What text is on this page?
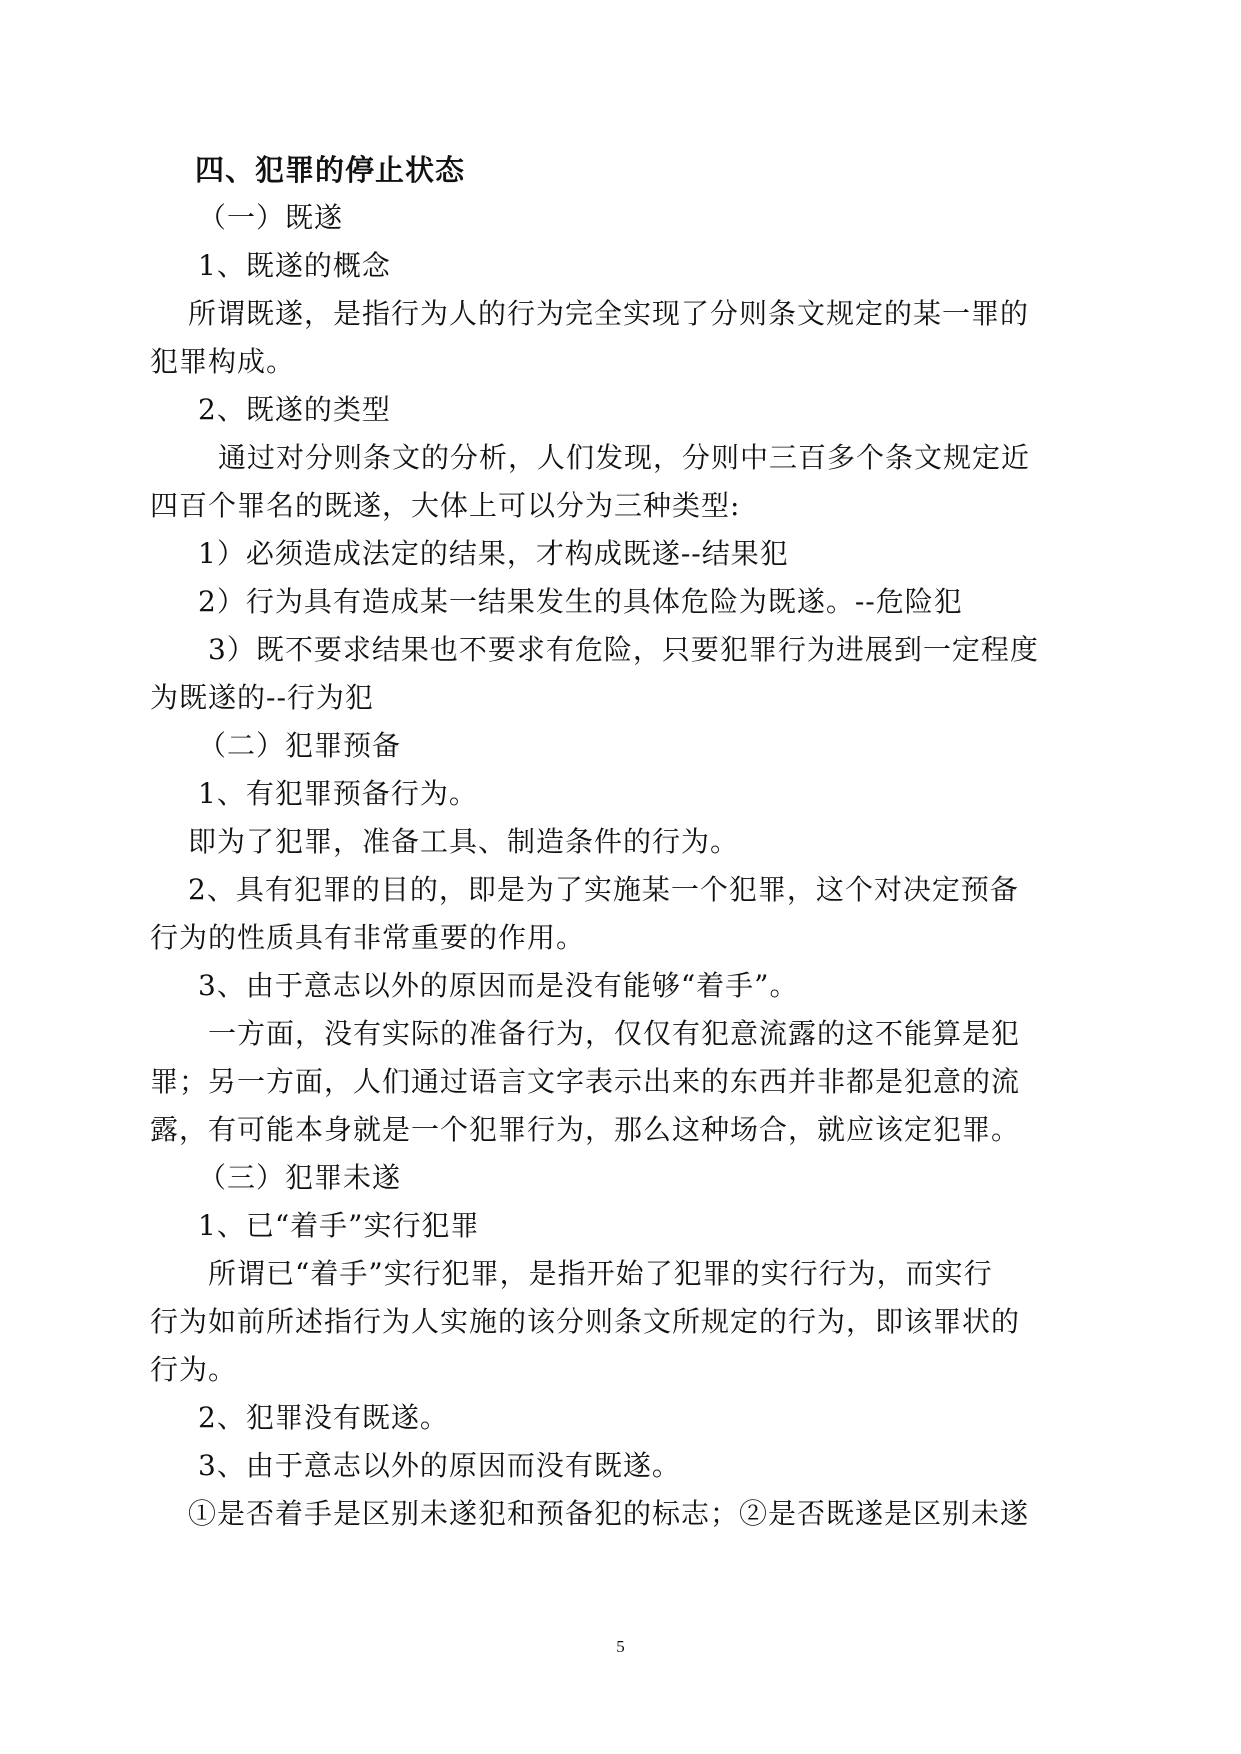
四、犯罪的停止状态
（一）既遂
1、既遂的概念
所谓既遂，是指行为人的行为完全实现了分则条文规定的某一罪的
犯罪构成。
2、既遂的类型
通过对分则条文的分析，人们发现，分则中三百多个条文规定近
四百个罪名的既遂，大体上可以分为三种类型:
1）必须造成法定的结果，才构成既遂--结果犯
2）行为具有造成某一结果发生的具体危险为既遂。--危险犯
3）既不要求结果也不要求有危险，只要犯罪行为进展到一定程度
为既遂的--行为犯
（二）犯罪预备
1、有犯罪预备行为。
即为了犯罪，准备工具、制造条件的行为。
2、具有犯罪的目的，即是为了实施某一个犯罪，这个对决定预备
行为的性质具有非常重要的作用。
3、由于意志以外的原因而是没有能够“着手”。
一方面，没有实际的准备行为，仅仅有犯意流露的这不能算是犯
罪；另一方面，人们通过语言文字表示出来的东西并非都是犯意的流
露，有可能本身就是一个犯罪行为，那么这种场合，就应该定犯罪。
（三）犯罪未遂
1、已“着手”实行犯罪
所谓已“着手”实行犯罪，是指开始了犯罪的实行行为，而实行
行为如前所述指行为人实施的该分则条文所规定的行为，即该罪状的
行为。
2、犯罪没有既遂。
3、由于意志以外的原因而没有既遂。
①是否着手是区别未遂犯和预备犯的标志；②是否既遂是区别未遂
5
